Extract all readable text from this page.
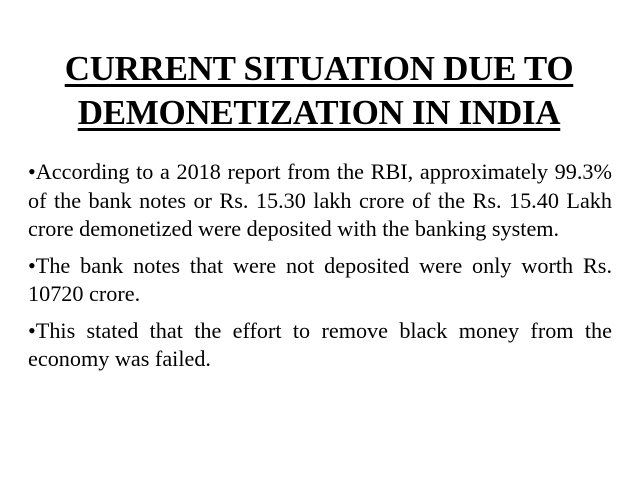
CURRENT SITUATION DUE TO
DEMONETIZATION IN INDIA
•According to a 2018 report from the RBI, approximately 99.3% of the bank notes or Rs. 15.30 lakh crore of the Rs. 15.40 Lakh crore demonetized were deposited with the banking system.
•The bank notes that were not deposited were only worth Rs. 10720 crore.
•This stated that the effort to remove black money from the economy was failed.
